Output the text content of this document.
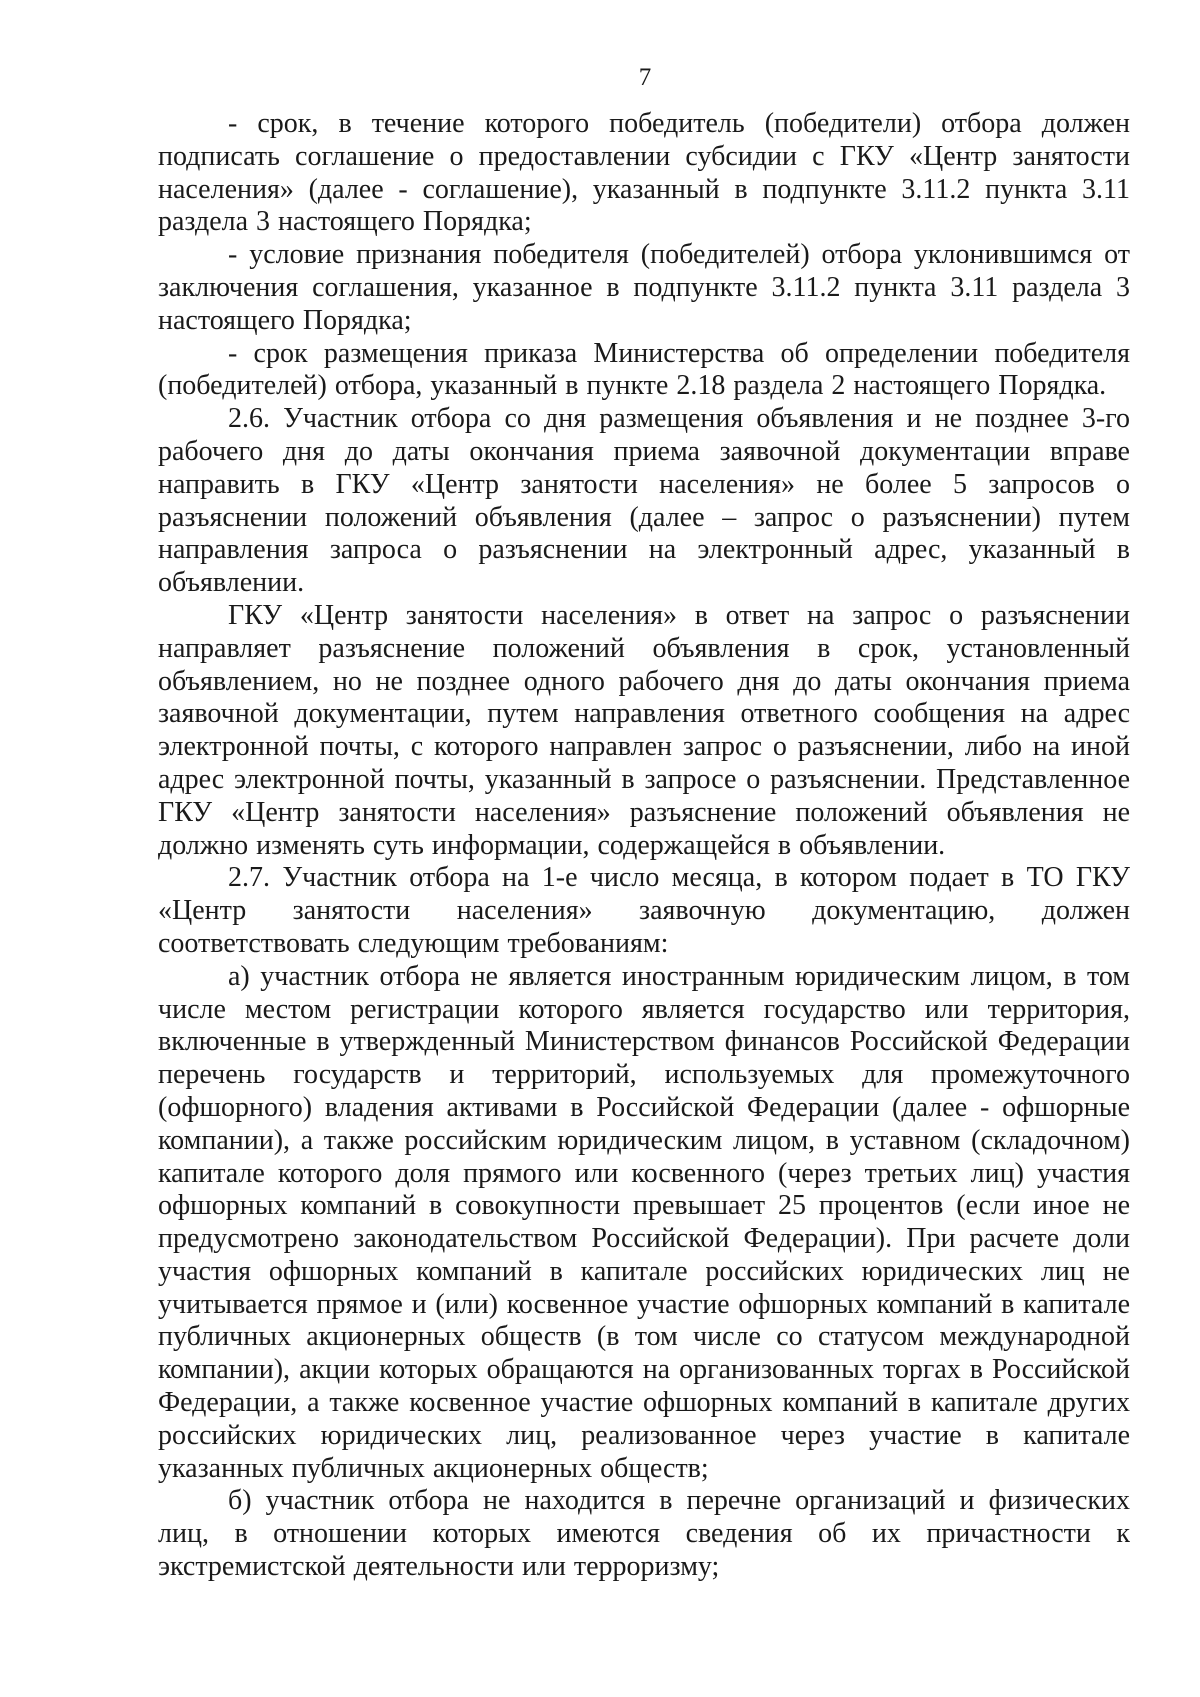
7

- срок, в течение которого победитель (победители) отбора должен подписать соглашение о предоставлении субсидии с ГКУ «Центр занятости населения» (далее - соглашение), указанный в подпункте 3.11.2 пункта 3.11 раздела 3 настоящего Порядка;

- условие признания победителя (победителей) отбора уклонившимся от заключения соглашения, указанное в подпункте 3.11.2 пункта 3.11 раздела 3 настоящего Порядка;

- срок размещения приказа Министерства об определении победителя (победителей) отбора, указанный в пункте 2.18 раздела 2 настоящего Порядка.

2.6. Участник отбора со дня размещения объявления и не позднее 3-го рабочего дня до даты окончания приема заявочной документации вправе направить в ГКУ «Центр занятости населения» не более 5 запросов о разъяснении положений объявления (далее – запрос о разъяснении) путем направления запроса о разъяснении на электронный адрес, указанный в объявлении.

ГКУ «Центр занятости населения» в ответ на запрос о разъяснении направляет разъяснение положений объявления в срок, установленный объявлением, но не позднее одного рабочего дня до даты окончания приема заявочной документации, путем направления ответного сообщения на адрес электронной почты, с которого направлен запрос о разъяснении, либо на иной адрес электронной почты, указанный в запросе о разъяснении. Представленное ГКУ «Центр занятости населения» разъяснение положений объявления не должно изменять суть информации, содержащейся в объявлении.

2.7. Участник отбора на 1-е число месяца, в котором подает в ТО ГКУ «Центр занятости населения» заявочную документацию, должен соответствовать следующим требованиям:

а) участник отбора не является иностранным юридическим лицом, в том числе местом регистрации которого является государство или территория, включенные в утвержденный Министерством финансов Российской Федерации перечень государств и территорий, используемых для промежуточного (офшорного) владения активами в Российской Федерации (далее - офшорные компании), а также российским юридическим лицом, в уставном (складочном) капитале которого доля прямого или косвенного (через третьих лиц) участия офшорных компаний в совокупности превышает 25 процентов (если иное не предусмотрено законодательством Российской Федерации). При расчете доли участия офшорных компаний в капитале российских юридических лиц не учитывается прямое и (или) косвенное участие офшорных компаний в капитале публичных акционерных обществ (в том числе со статусом международной компании), акции которых обращаются на организованных торгах в Российской Федерации, а также косвенное участие офшорных компаний в капитале других российских юридических лиц, реализованное через участие в капитале указанных публичных акционерных обществ;

б) участник отбора не находится в перечне организаций и физических лиц, в отношении которых имеются сведения об их причастности к экстремистской деятельности или терроризму;
